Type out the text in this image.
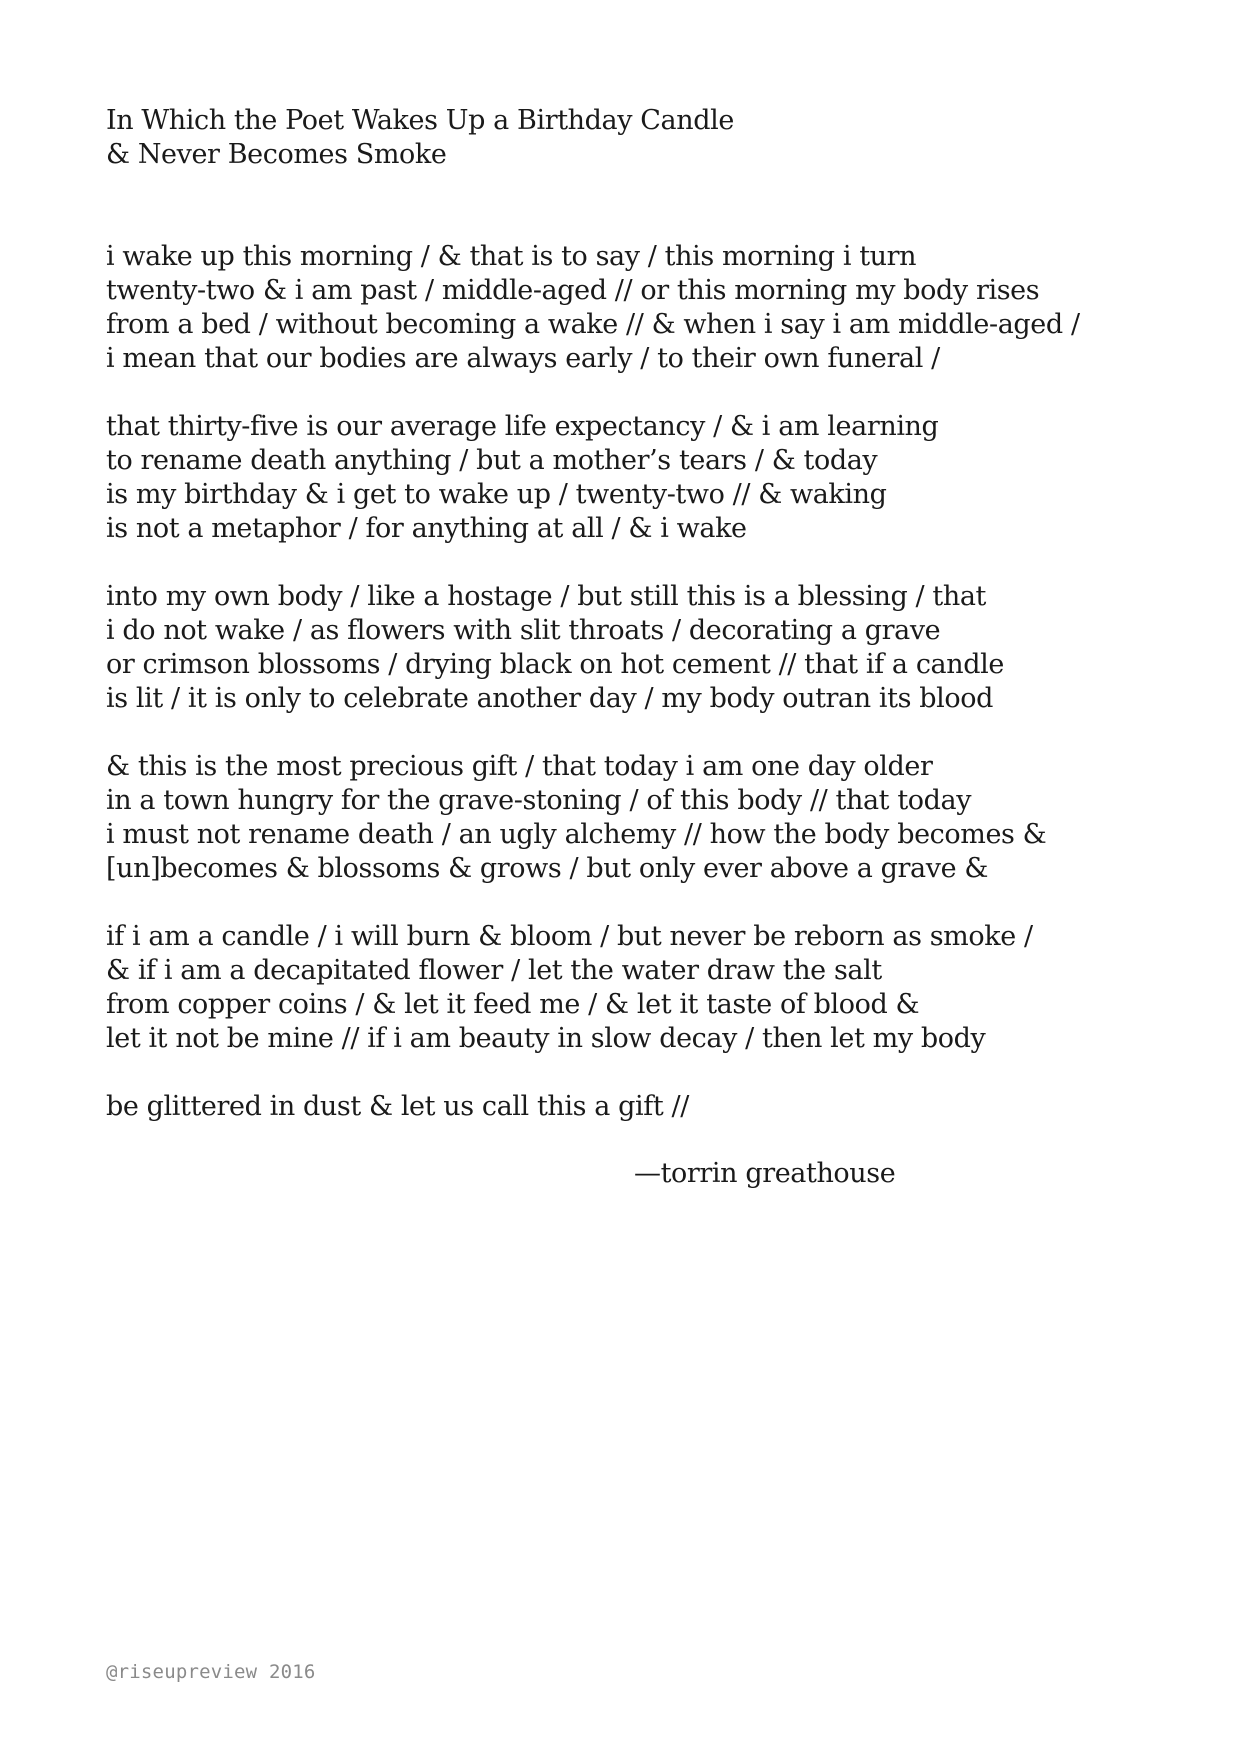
In Which the Poet Wakes Up a Birthday Candle
& Never Becomes Smoke
i wake up this morning / & that is to say / this morning i turn
twenty-two & i am past / middle-aged // or this morning my body rises
from a bed / without becoming a wake // & when i say i am middle-aged /
i mean that our bodies are always early / to their own funeral /
that thirty-five is our average life expectancy / & i am learning
to rename death anything / but a mother’s tears / & today
is my birthday & i get to wake up / twenty-two // & waking
is not a metaphor / for anything at all / & i wake
into my own body / like a hostage / but still this is a blessing / that
i do not wake / as flowers with slit throats / decorating a grave
or crimson blossoms / drying black on hot cement // that if a candle
is lit / it is only to celebrate another day / my body outran its blood
& this is the most precious gift / that today i am one day older
in a town hungry for the grave-stoning / of this body // that today
i must not rename death / an ugly alchemy // how the body becomes &
[un]becomes & blossoms & grows / but only ever above a grave &
if i am a candle / i will burn & bloom / but never be reborn as smoke /
& if i am a decapitated flower / let the water draw the salt
from copper coins / & let it feed me / & let it taste of blood &
let it not be mine // if i am beauty in slow decay / then let my body
be glittered in dust & let us call this a gift //
—torrin greathouse
@riseupreview 2016
